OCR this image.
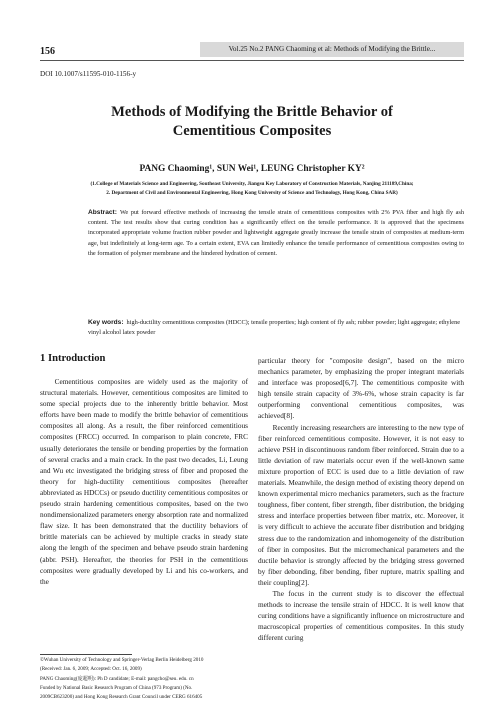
156	Vol.25 No.2 PANG Chaoming et al: Methods of Modifying the Brittle...
DOI 10.1007/s11595-010-1156-y
Methods of Modifying the Brittle Behavior of
Cementitious Composites
PANG Chaoming¹, SUN Wei¹, LEUNG Christopher KY²
(1.College of Materials Science and Engineering, Southeast University, Jiangsu Key Laboratory of Construction Materials, Nanjing 211189,China;
2. Department of Civil and Environmental Engineering, Hong Kong University of Science and Technology, Hong Kong, China SAR)
Abstract: We put forward effective methods of increasing the tensile strain of cementitious composites with 2% PVA fiber and high fly ash content. The test results show that curing condition has a significantly effect on the tensile performance. It is approved that the specimens incorporated appropriate volume fraction rubber powder and lightweight aggregate greatly increase the tensile strain of composites at medium-term age, but indefinitely at long-term age. To a certain extent, EVA can limitedly enhance the tensile performance of cementitious composites owing to the formation of polymer membrane and the hindered hydration of cement.
Key words: high-ductility cementitious composites (HDCC); tensile properties; high content of fly ash; rubber powder; light aggregate; ethylene vinyl alcohol latex powder
1 Introduction

Cementitious composites are widely used as the majority of structural materials. However, cementitious composites are limited to some special projects due to the inherently brittle behavior. Most efforts have been made to modify the brittle behavior of cementitious composites all along. As a result, the fiber reinforced cementitious composites (FRCC) occurred. In comparison to plain concrete, FRC usually deteriorates the tensile or bending properties by the formation of several cracks and a main crack. In the past two decades, Li, Leung and Wu etc investigated the bridging stress of fiber and proposed the theory for high-ductility cementitious composites (hereafter abbreviated as HDCCs) or pseudo ductility cementitious composites or pseudo strain hardening cementitious composites, based on the two nondimensionalized parameters energy absorption rate and normalized flaw size. It has been demonstrated that the ductility behaviors of brittle materials can be achieved by multiple cracks in steady state along the length of the specimen and behave pseudo strain hardening (abbr. PSH). Hereafter, the theories for PSH in the cementitious composites were gradually developed by Li and his co-workers, and the

particular theory for "composite design", based on the micro mechanics parameter, by emphasizing the proper integrant materials and interface was proposed[6,7]. The cementitious composite with high tensile strain capacity of 3%-6%, whose strain capacity is far outperforming conventional cementitious composites, was achieved[8].

Recently increasing researchers are interesting to the new type of fiber reinforced cementitious composite. However, it is not easy to achieve PSH in discontinuous random fiber reinforced. Strain due to a little deviation of raw materials occur even if the well-known same mixture proportion of ECC is used due to a little deviation of raw materials. Meanwhile, the design method of existing theory depend on known experimental micro mechanics parameters, such as the fracture toughness, fiber content, fiber strength, fiber distribution, the bridging stress and interface properties between fiber matrix, etc. Moreover, it is very difficult to achieve the accurate fiber distribution and bridging stress due to the randomization and inhomogeneity of the distribution of fiber in composites. But the micromechanical parameters and the ductile behavior is strongly affected by the bridging stress governed by fiber debonding, fiber bending, fiber rupture, matrix spalling and their coupling[2].

The focus in the current study is to discover the effectual methods to increase the tensile strain of HDCC. It is well know that curing conditions have a significantly influence on microstructure and macroscopical properties of cementitious composites. In this study different curing

©Wuhan University of Technology and Springer-Verlag Berlin Heidelberg 2010
(Received: Jan. 6, 2009; Accepted: Oct. 16, 2009)
PANG Chaoming(庞超明): Ph D candidate; E-mail: pangcho@seu. edu. cn
Funded by National Basic Research Program of China (973 Program) (No.
2009CB623200) and Hong Kong Research Grant Council under CERG 616405
